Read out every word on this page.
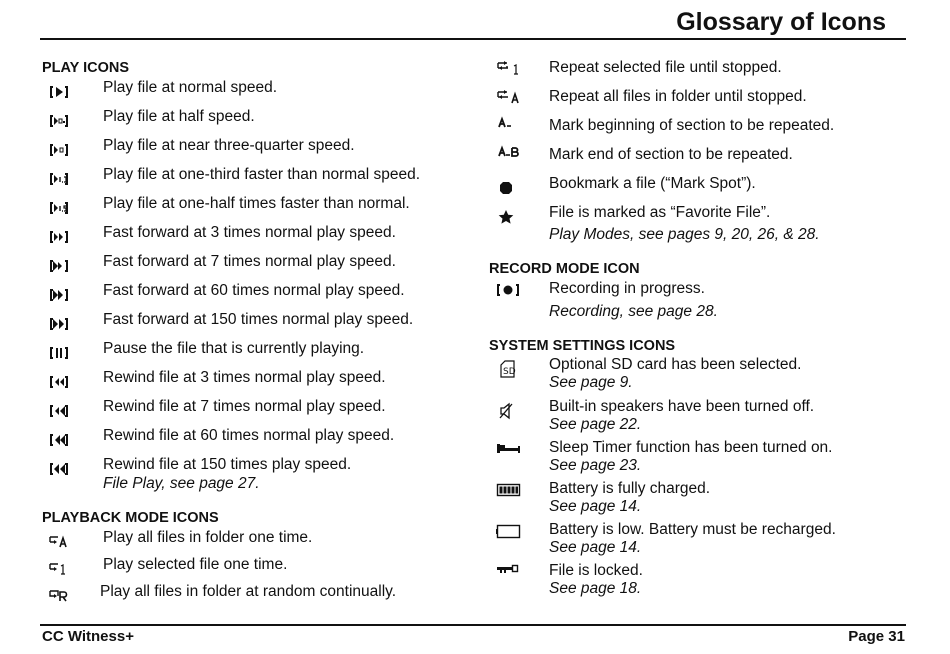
Glossary of Icons
PLAY ICONS
Play file at normal speed.
Play file at half speed.
Play file at near three-quarter speed.
Play file at one-third faster than normal speed.
Play file at one-half times faster than normal.
Fast forward at 3 times normal play speed.
Fast forward at 7 times normal play speed.
Fast forward at 60 times normal play speed.
Fast forward at 150 times normal play speed.
Pause the file that is currently playing.
Rewind file at 3 times normal play speed.
Rewind file at 7 times normal play speed.
Rewind file at 60 times normal play speed.
Rewind file at 150 times play speed.
File Play, see page 27.
PLAYBACK MODE ICONS
Play all files in folder one time.
Play selected file one time.
Play all files in folder at random continually.
Repeat selected file until stopped.
Repeat all files in folder until stopped.
Mark beginning of section to be repeated.
Mark end of section to be repeated.
Bookmark a file (“Mark Spot”).
File is marked as “Favorite File”.
Play Modes, see pages 9, 20, 26, & 28.
RECORD MODE ICON
Recording in progress.
Recording, see page 28.
SYSTEM SETTINGS ICONS
SD Optional SD card has been selected.
See page 9.
Built-in speakers have been turned off.
See page 22.
Sleep Timer function has been turned on.
See page 23.
Battery is fully charged.
See page 14.
Battery is low. Battery must be recharged.
See page 14.
File is locked.
See page 18.
CC Witness+	Page 31
